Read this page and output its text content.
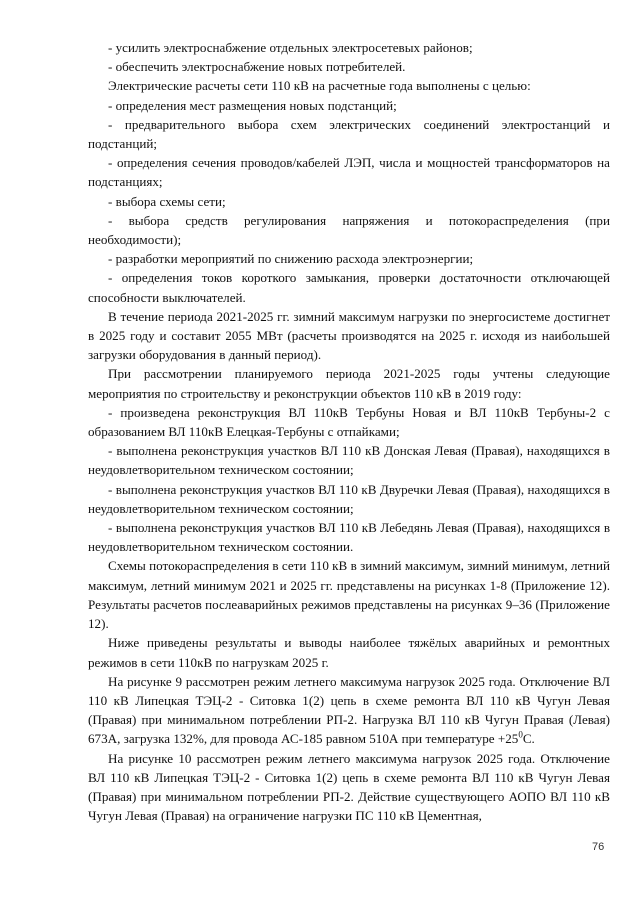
- усилить электроснабжение отдельных электросетевых районов;

- обеспечить электроснабжение новых потребителей.

Электрические расчеты сети 110 кВ на расчетные года выполнены с целью:

- определения мест размещения новых подстанций;

- предварительного выбора схем электрических соединений электростанций и подстанций;

- определения сечения проводов/кабелей ЛЭП, числа и мощностей трансформаторов на подстанциях;

- выбора схемы сети;

- выбора средств регулирования напряжения и потокораспределения (при необходимости);

- разработки мероприятий по снижению расхода электроэнергии;

- определения токов короткого замыкания, проверки достаточности отключающей способности выключателей.

В течение периода 2021-2025 гг. зимний максимум нагрузки по энергосистеме достигнет в 2025 году и составит 2055 МВт (расчеты производятся на 2025 г. исходя из наибольшей загрузки оборудования в данный период).

При рассмотрении планируемого периода 2021-2025 годы учтены следующие мероприятия по строительству и реконструкции объектов 110 кВ в 2019 году:

- произведена реконструкция ВЛ 110кВ Тербуны Новая и ВЛ 110кВ Тербуны-2 с образованием ВЛ 110кВ Елецкая-Тербуны с отпайками;

- выполнена реконструкция участков ВЛ 110 кВ Донская Левая (Правая), находящихся в неудовлетворительном техническом состоянии;

- выполнена реконструкция участков ВЛ 110 кВ Двуречки Левая (Правая), находящихся в неудовлетворительном техническом состоянии;

- выполнена реконструкция участков ВЛ 110 кВ Лебедянь Левая (Правая), находящихся в неудовлетворительном техническом состоянии.

Схемы потокораспределения в сети 110 кВ в зимний максимум, зимний минимум, летний максимум, летний минимум 2021 и 2025 гг. представлены на рисунках 1-8 (Приложение 12). Результаты расчетов послеаварийных режимов представлены на рисунках 9–36 (Приложение 12).

Ниже приведены результаты и выводы наиболее тяжёлых аварийных и ремонтных режимов в сети 110кВ по нагрузкам 2025 г.

На рисунке 9 рассмотрен режим летнего максимума нагрузок 2025 года. Отключение ВЛ 110 кВ Липецкая ТЭЦ-2 - Ситовка 1(2) цепь в схеме ремонта ВЛ 110 кВ Чугун Левая (Правая) при минимальном потреблении РП-2. Нагрузка ВЛ 110 кВ Чугун Правая (Левая) 673А, загрузка 132%, для провода АС-185 равном 510А при температуре $+25^0С$.

На рисунке 10 рассмотрен режим летнего максимума нагрузок 2025 года. Отключение ВЛ 110 кВ Липецкая ТЭЦ-2 - Ситовка 1(2) цепь в схеме ремонта ВЛ 110 кВ Чугун Левая (Правая) при минимальном потреблении РП-2. Действие существующего АОПО ВЛ 110 кВ Чугун Левая (Правая) на ограничение нагрузки ПС 110 кВ Цементная,

76
